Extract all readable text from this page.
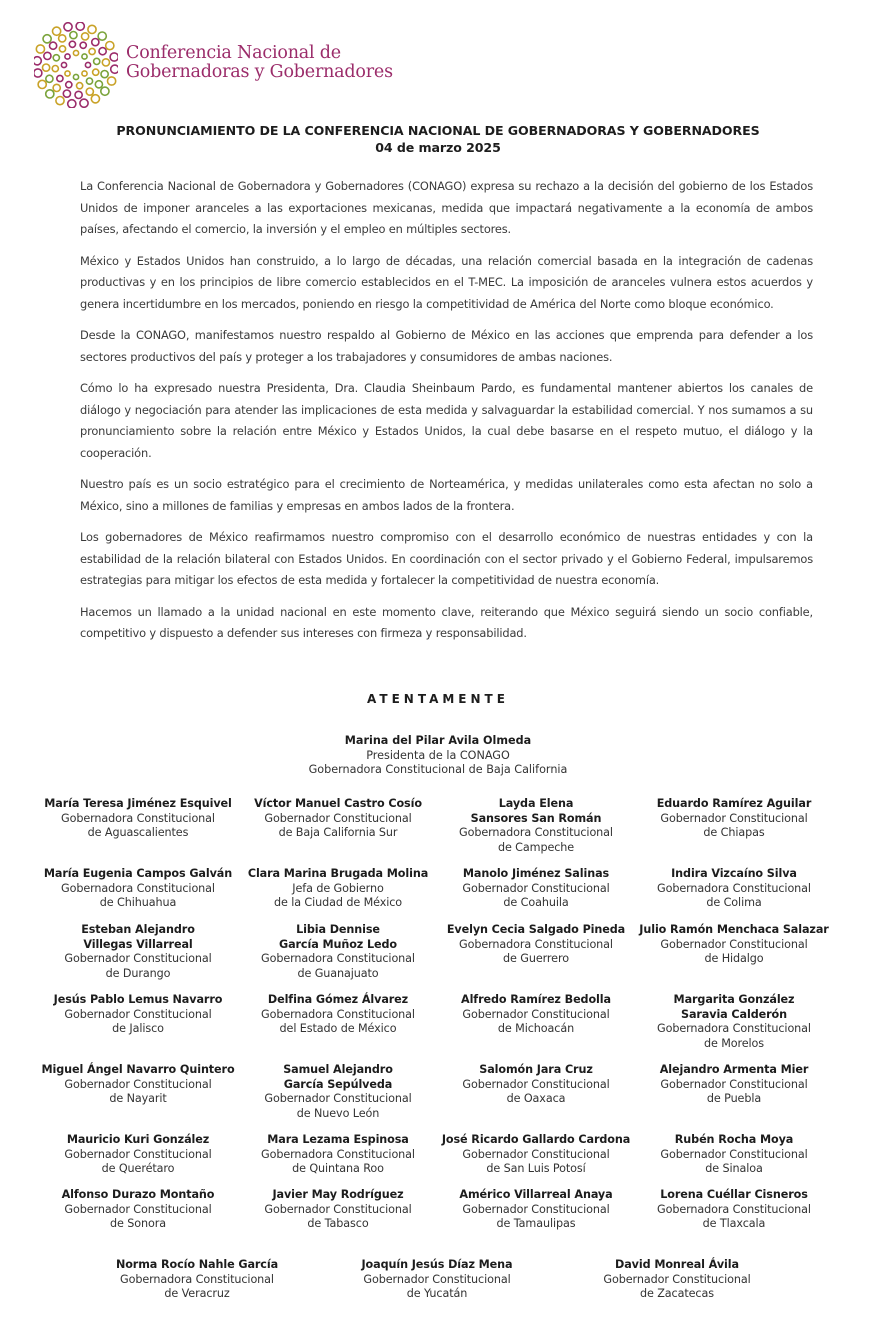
Conferencia Nacional de
Gobernadoras y Gobernadores
PRONUNCIAMIENTO DE LA CONFERENCIA NACIONAL DE GOBERNADORAS Y GOBERNADORES
04 de marzo 2025

La Conferencia Nacional de Gobernadora y Gobernadores (CONAGO) expresa su rechazo a la decisión del gobierno de los Estados Unidos de imponer aranceles a las exportaciones mexicanas, medida que impactará negativamente a la economía de ambos países, afectando el comercio, la inversión y el empleo en múltiples sectores.

México y Estados Unidos han construido, a lo largo de décadas, una relación comercial basada en la integración de cadenas productivas y en los principios de libre comercio establecidos en el T-MEC. La imposición de aranceles vulnera estos acuerdos y genera incertidumbre en los mercados, poniendo en riesgo la competitividad de América del Norte como bloque económico.

Desde la CONAGO, manifestamos nuestro respaldo al Gobierno de México en las acciones que emprenda para defender a los sectores productivos del país y proteger a los trabajadores y consumidores de ambas naciones.

Cómo lo ha expresado nuestra Presidenta, Dra. Claudia Sheinbaum Pardo, es fundamental mantener abiertos los canales de diálogo y negociación para atender las implicaciones de esta medida y salvaguardar la estabilidad comercial. Y nos sumamos a su pronunciamiento sobre la relación entre México y Estados Unidos, la cual debe basarse en el respeto mutuo, el diálogo y la cooperación.

Nuestro país es un socio estratégico para el crecimiento de Norteamérica, y medidas unilaterales como esta afectan no solo a México, sino a millones de familias y empresas en ambos lados de la frontera.

Los gobernadores de México reafirmamos nuestro compromiso con el desarrollo económico de nuestras entidades y con la estabilidad de la relación bilateral con Estados Unidos. En coordinación con el sector privado y el Gobierno Federal, impulsaremos estrategias para mitigar los efectos de esta medida y fortalecer la competitividad de nuestra economía.

Hacemos un llamado a la unidad nacional en este momento clave, reiterando que México seguirá siendo un socio confiable, competitivo y dispuesto a defender sus intereses con firmeza y responsabilidad.

ATENTAMENTE
Marina del Pilar Avila Olmeda
Presidenta de la CONAGO
Gobernadora Constitucional de Baja California
María Teresa Jiménez Esquivel
Gobernadora Constitucional
de Aguascalientes
Víctor Manuel Castro Cosío
Gobernador Constitucional
de Baja California Sur
Layda Elena
Sansores San Román
Gobernadora Constitucional
de Campeche
Eduardo Ramírez Aguilar
Gobernador Constitucional
de Chiapas
María Eugenia Campos Galván
Gobernadora Constitucional
de Chihuahua
Clara Marina Brugada Molina
Jefa de Gobierno
de la Ciudad de México
Manolo Jiménez Salinas
Gobernador Constitucional
de Coahuila
Indira Vizcaíno Silva
Gobernadora Constitucional
de Colima
Esteban Alejandro
Villegas Villarreal
Gobernador Constitucional
de Durango
Libia Dennise
García Muñoz Ledo
Gobernadora Constitucional
de Guanajuato
Evelyn Cecia Salgado Pineda
Gobernadora Constitucional
de Guerrero
Julio Ramón Menchaca Salazar
Gobernador Constitucional
de Hidalgo
Jesús Pablo Lemus Navarro
Gobernador Constitucional
de Jalisco
Delfina Gómez Álvarez
Gobernadora Constitucional
del Estado de México
Alfredo Ramírez Bedolla
Gobernador Constitucional
de Michoacán
Margarita González
Saravia Calderón
Gobernadora Constitucional
de Morelos
Miguel Ángel Navarro Quintero
Gobernador Constitucional
de Nayarit
Samuel Alejandro
García Sepúlveda
Gobernador Constitucional
de Nuevo León
Salomón Jara Cruz
Gobernador Constitucional
de Oaxaca
Alejandro Armenta Mier
Gobernador Constitucional
de Puebla
Mauricio Kuri González
Gobernador Constitucional
de Querétaro
Mara Lezama Espinosa
Gobernadora Constitucional
de Quintana Roo
José Ricardo Gallardo Cardona
Gobernador Constitucional
de San Luis Potosí
Rubén Rocha Moya
Gobernador Constitucional
de Sinaloa
Alfonso Durazo Montaño
Gobernador Constitucional
de Sonora
Javier May Rodríguez
Gobernador Constitucional
de Tabasco
Américo Villarreal Anaya
Gobernador Constitucional
de Tamaulipas
Lorena Cuéllar Cisneros
Gobernadora Constitucional
de Tlaxcala
Norma Rocío Nahle García
Gobernadora Constitucional
de Veracruz
Joaquín Jesús Díaz Mena
Gobernador Constitucional
de Yucatán
David Monreal Ávila
Gobernador Constitucional
de Zacatecas
